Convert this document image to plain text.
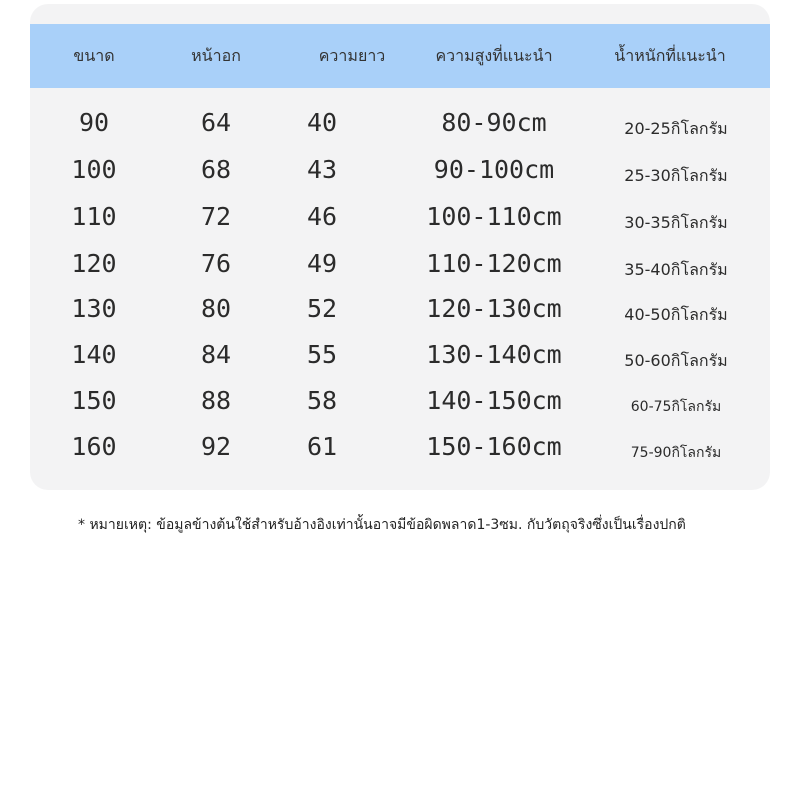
ขนาด	หน้าอก	ความยาว	ความสูงที่แนะนำ	น้ำหนักที่แนะนำ
90	64	40	80-90cm	20-25กิโลกรัม
100	68	43	90-100cm	25-30กิโลกรัม
110	72	46	100-110cm	30-35กิโลกรัม
120	76	49	110-120cm	35-40กิโลกรัม
130	80	52	120-130cm	40-50กิโลกรัม
140	84	55	130-140cm	50-60กิโลกรัม
150	88	58	140-150cm	60-75กิโลกรัม
160	92	61	150-160cm	75-90กิโลกรัม
* หมายเหตุ: ข้อมูลข้างต้นใช้สำหรับอ้างอิงเท่านั้นอาจมีข้อผิดพลาด1-3ซม. กับวัตถุจริงซึ่งเป็นเรื่องปกติ
